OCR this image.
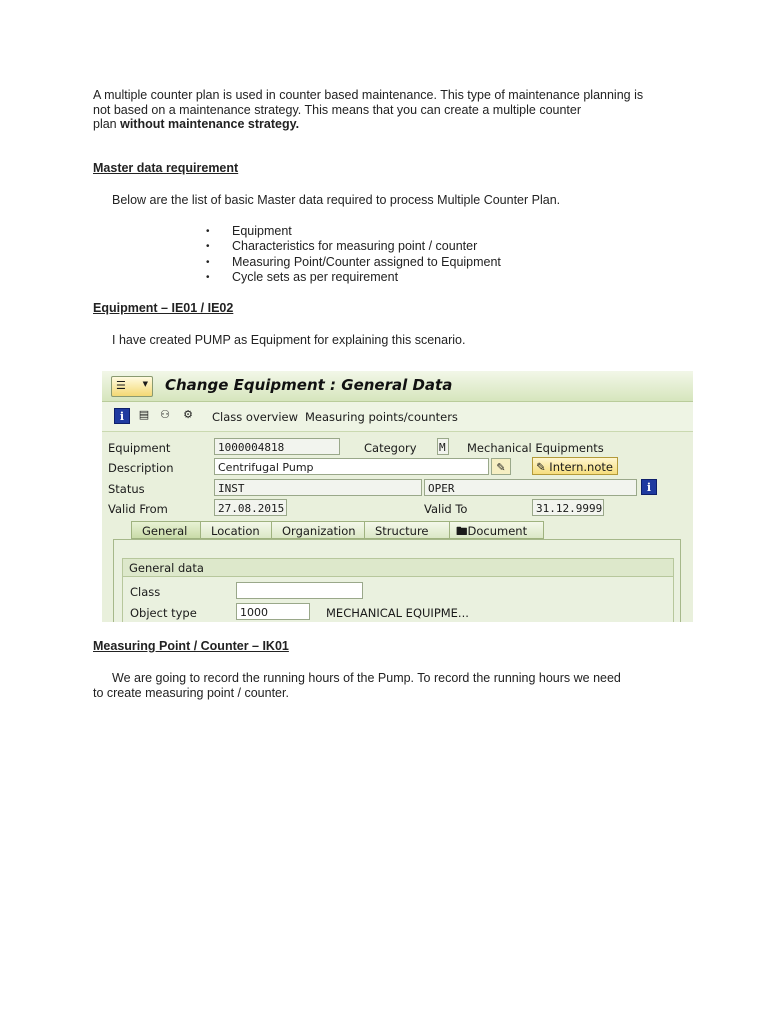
A multiple counter plan is used in counter based maintenance. This type of maintenance planning is
not based on a maintenance strategy. This means that you can create a multiple counter
plan without maintenance strategy.

Master data requirement
Below are the list of basic Master data required to process Multiple Counter Plan.
• Equipment
• Characteristics for measuring point / counter
• Measuring Point/Counter assigned to Equipment
• Cycle sets as per requirement
Equipment – IE01 / IE02
I have created PUMP as Equipment for explaining this scenario.
☰ ▼ Change Equipment : General Data
i	▤ ⚇ ⚙ Class overview Measuring points/counters
Equipment	1000004818	Category M Mechanical Equipments
Description	Centrifugal Pump	✎	✎ Intern.note
Status	INST	OPER	i
Valid From	27.08.2015	Valid To	31.12.9999
General	Location	Organization	Structure	🖿Document
General data
Class
Object type	1000	MECHANICAL EQUIPME...
Measuring Point / Counter – IK01

We are going to record the running hours of the Pump. To record the running hours we need
to create measuring point / counter.
